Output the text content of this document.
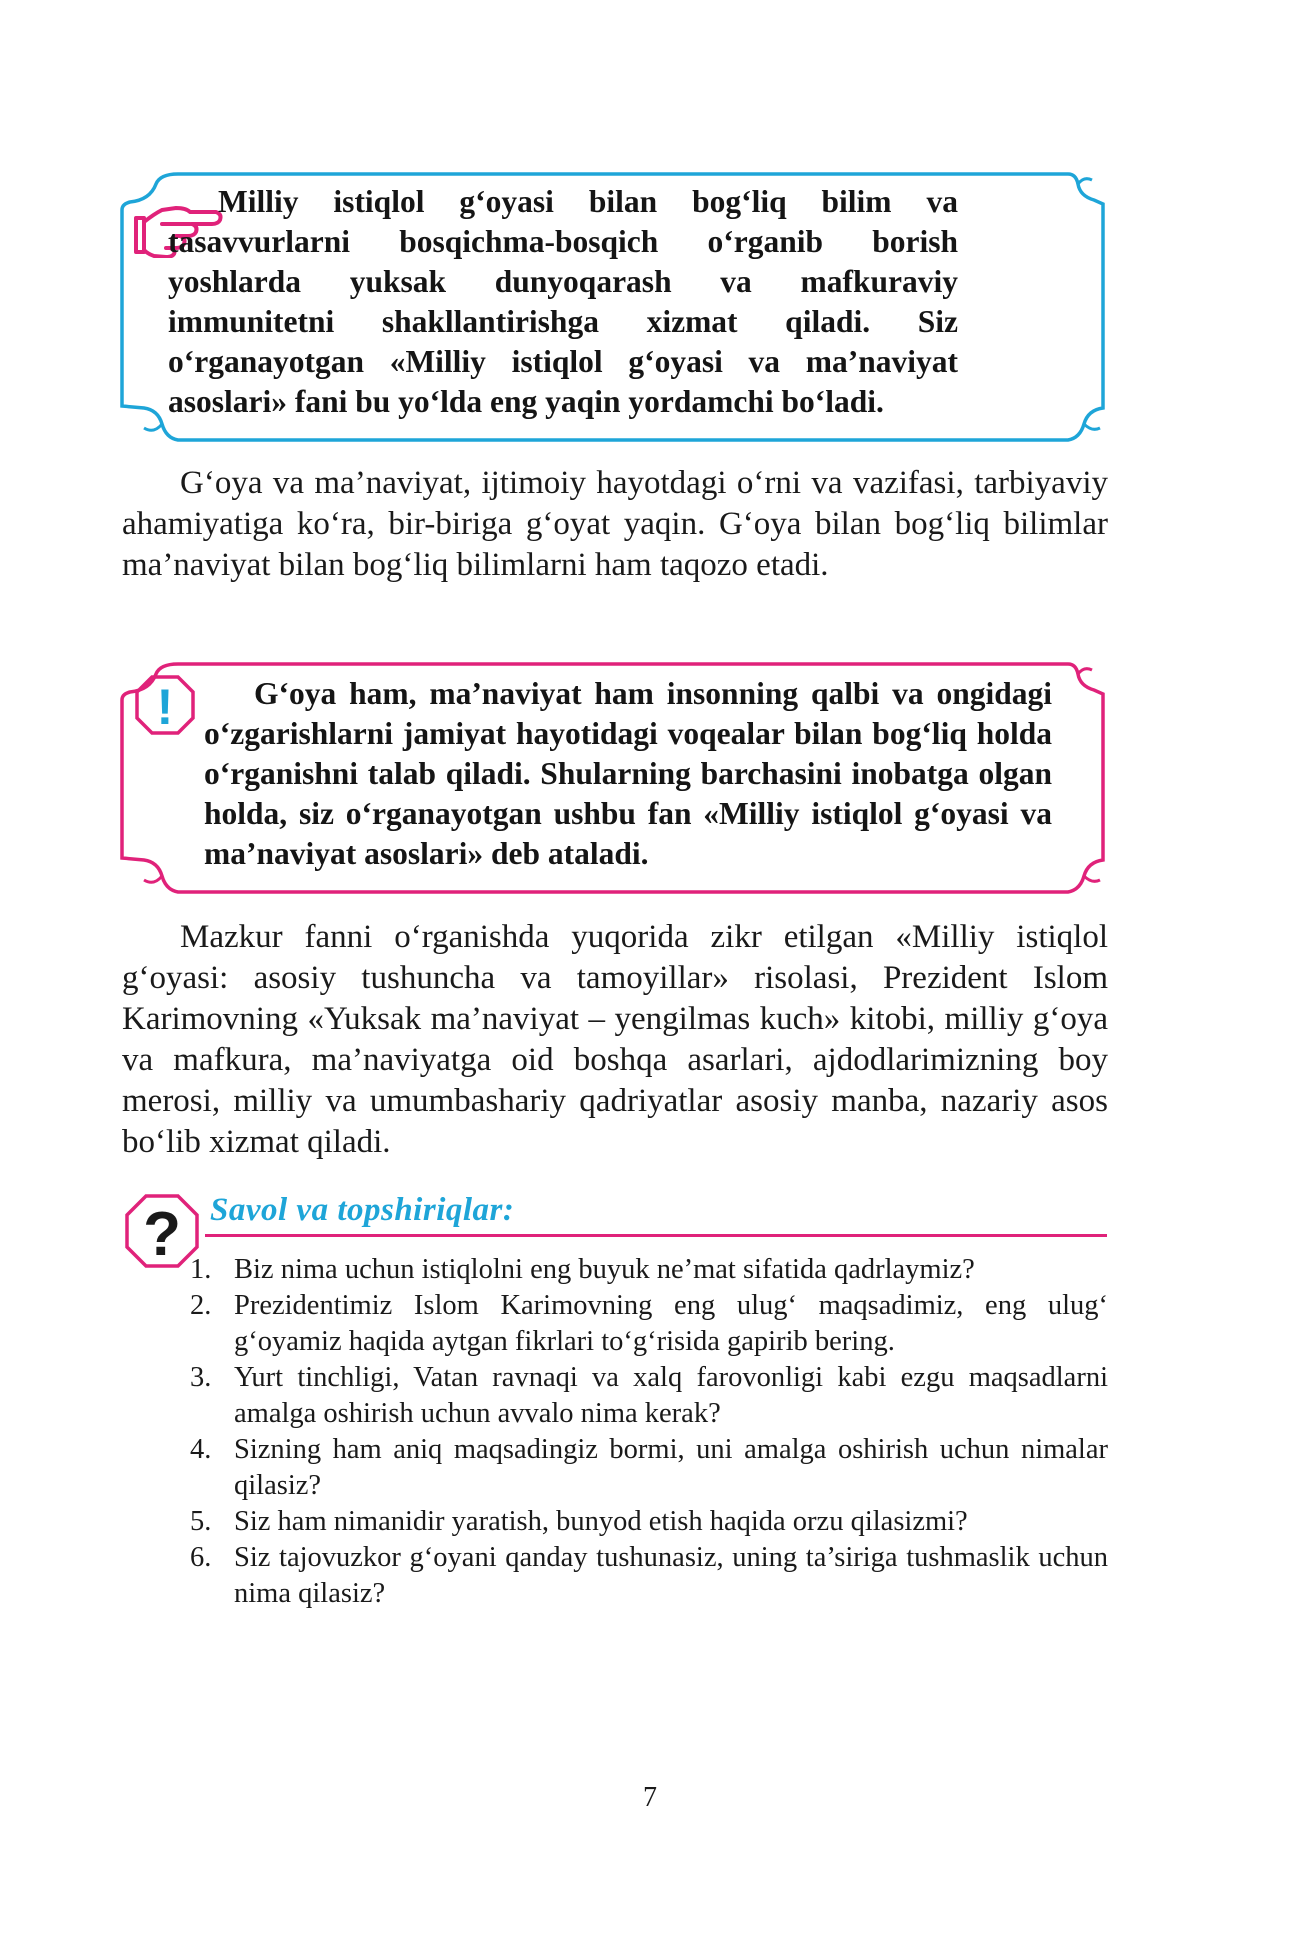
Milliy istiqlol g‘oyasi bilan bog‘liq bilim va tasavvurlarni bosqichma-bosqich o‘rganib borish yoshlarda yuksak dunyoqarash va mafkuraviy immunitetni shakllantirishga xizmat qiladi. Siz o‘rganayotgan «Milliy istiqlol g‘oyasi va ma’naviyat asoslari» fani bu yo‘lda eng yaqin yordamchi bo‘ladi.

G‘oya va ma’naviyat, ijtimoiy hayotdagi o‘rni va vazifasi, tarbiyaviy ahamiyatiga ko‘ra, bir-biriga g‘oyat yaqin. G‘oya bilan bog‘liq bilimlar ma’naviyat bilan bog‘liq bilimlarni ham taqozo etadi.

!	G‘oya ham, ma’naviyat ham insonning qalbi va ongidagi o‘zgarishlarni jamiyat hayotidagi voqealar bilan bog‘liq holda o‘rganishni talab qiladi. Shularning barchasini inobatga olgan holda, siz o‘rganayotgan ushbu fan «Milliy istiqlol g‘oyasi va ma’naviyat asoslari» deb ataladi.

Mazkur fanni o‘rganishda yuqorida zikr etilgan «Milliy istiqlol g‘oyasi: asosiy tushuncha va tamoyillar» risolasi, Prezident Islom Karimovning «Yuksak ma’naviyat – yengilmas kuch» kitobi, milliy g‘oya va mafkura, ma’naviyatga oid boshqa asarlari, ajdodlarimizning boy merosi, milliy va umumbashariy qadriyatlar asosiy manba, nazariy asos bo‘lib xizmat qiladi.

? Savol va topshiriqlar:
1. Biz nima uchun istiqlolni eng buyuk ne’mat sifatida qadrlaymiz?
2. Prezidentimiz Islom Karimovning eng ulug‘ maqsadimiz, eng ulug‘ g‘oyamiz haqida aytgan fikrlari to‘g‘risida gapirib bering.
3. Yurt tinchligi, Vatan ravnaqi va xalq farovonligi kabi ezgu maqsadlarni amalga oshirish uchun avvalo nima kerak?
4. Sizning ham aniq maqsadingiz bormi, uni amalga oshirish uchun nimalar qilasiz?
5. Siz ham nimanidir yaratish, bunyod etish haqida orzu qilasizmi?
6. Siz tajovuzkor g‘oyani qanday tushunasiz, uning ta’siriga tushmaslik uchun nima qilasiz?
7
